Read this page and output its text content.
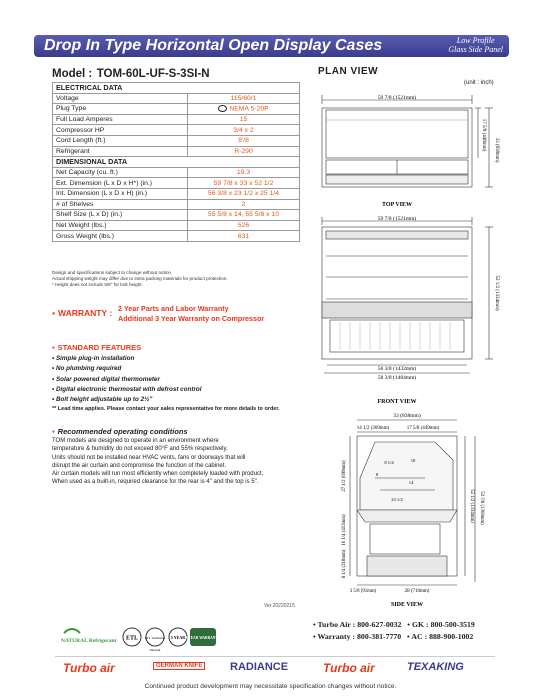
Drop In Type Horizontal Open Display Cases	Low Profile
Glass Side Panel
Model : TOM-60L-UF-S-3SI-N
ELECTRICAL DATA	
Voltage	115/60/1
Plug Type	NEMA 5-20P
Full Load Amperes	15
Compressor HP	3/4 x 2
Cord Length (ft.)	9'/8
Refrigerant	R-290
DIMENSIONAL DATA	
Net Capacity (cu. ft.)	19.3
Ext. Dimension (L x D x H*) (in.)	59 7/8 x 33 x 52 1/2
Int. Dimension (L x D x H) (in.)	56 3/8 x 23 1/2 x 25 1/4
# of Shelves	2
Shelf Size (L x D) (in.)	55 5/8 x 14, 55 5/8 x 10
Net Weight (lbs.)	526
Gross Weight (lbs.)	631
Design and specifications subject to change without notice.
Actual shipping weight may differ due to extra packing materials for product protection.
* Height does not include 5/8" for bolt height.
▪ WARRANTY : 2 Year Parts and Labor Warranty
Additional 3 Year Warranty on Compressor
▪ STANDARD FEATURES
• Simple plug-in installation
• No plumbing required
• Solar powered digital thermometer
• Digital electronic thermostat with defrost control
• Bolt height adjustable up to 2½"
** Lead time applies. Please contact your sales representative for more details to order.
▪ Recommended operating conditions
TOM models are designed to operate in an environment where
temperature & humidity do not exceed 80°F and 55% respectively.
Units should not be installed near HVAC vents, fans or doorways that will
disrupt the air curtain and compromise the function of the cabinet.
Air curtain models will run most efficiently when completely loaded with product.
When used as a built-in, required clearance for the rear is 4" and the top is 5".
Ver.20220215
NATURAL Refrigerant ETL ETL Sanitation
Intertek
5 YEAR 5 YEAR WARRANTY
• Turbo Air : 800-627-0032   • GK : 800-500-3519
• Warranty : 800-381-7770   • AC : 888-900-1002
Turbo air	GERMAN KNIFE	RADIANCE	Turbo air	TEXAKING
Continued product development may necessitate specification changes without notice.
PLAN VIEW
(unit : inch)
59 7/8 (1521mm)
17 5/8 (448mm) 33 (838mm)
TOP VIEW
59 7/8 (1521mm)
52 1/2 (1334mm)
56 3/8 (1432mm)
58 3/8 (1484mm)
FRONT VIEW
33 (838mm)
14 1/2 (369mm)	17 5/8 (449mm)
27 1/2 (699mm)
16 1/4 (413mm)
8 1/4 (210mm)
8 1/4	10
8
14
23 1/2
3 5/8 (91mm)	28 (710mm)
52 1/2 (1334mm) 53 7/8 (1368mm)
SIDE VIEW
